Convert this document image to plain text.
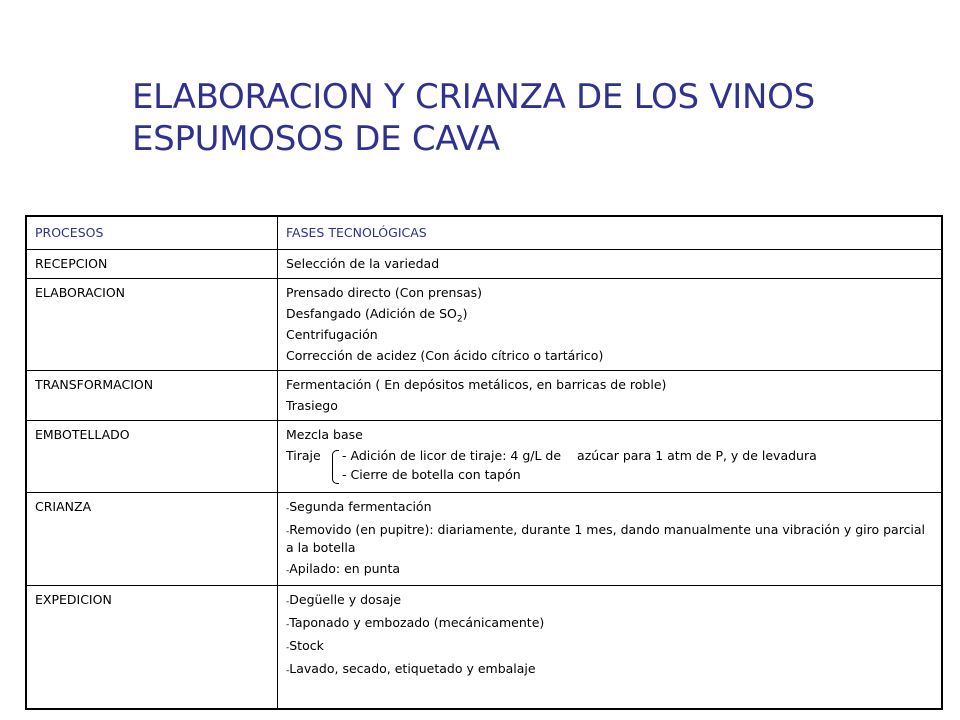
ELABORACION Y CRIANZA DE LOS VINOS
ESPUMOSOS DE CAVA
PROCESOS	FASES TECNOLÓGICAS
RECEPCION	Selección de la variedad

ELABORACION	Prensado directo (Con prensas)
Desfangado (Adición de $SO_2$)
Centrifugación
Corrección de acidez (Con ácido cítrico o tartárico)

TRANSFORMACION	Fermentación ( En depósitos metálicos, en barricas de roble)
Trasiego

EMBOTELLADO	Mezcla base
Tiraje - Adición de licor de tiraje: 4 g/L de azúcar para 1 atm de P, y de levadura
- Cierre de botella con tapón

CRIANZA	-Segunda fermentación
-Removido (en pupitre): diariamente, durante 1 mes, dando manualmente una vibración y giro parcial a la botella
-Apilado: en punta

EXPEDICION	-Degüelle y dosaje
-Taponado y embozado (mecánicamente)
-Stock
-Lavado, secado, etiquetado y embalaje
